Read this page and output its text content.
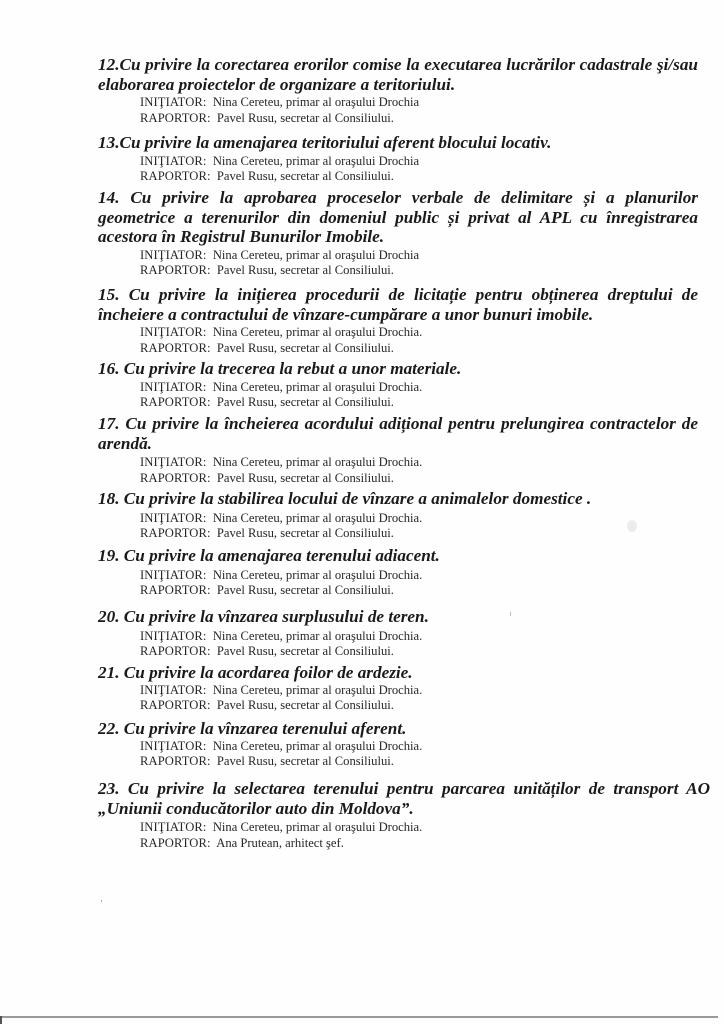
12.Cu privire la corectarea erorilor comise la executarea lucrărilor cadastrale şi/sau elaborarea proiectelor de organizare a teritoriului.

INIŢIATOR: Nina Cereteu, primar al oraşului Drochia
RAPORTOR: Pavel Rusu, secretar al Consiliului.

13.Cu privire la amenajarea teritoriului aferent blocului locativ.

INIŢIATOR: Nina Cereteu, primar al oraşului Drochia
RAPORTOR: Pavel Rusu, secretar al Consiliului.

14. Cu privire la aprobarea proceselor verbale de delimitare și a planurilor geometrice a terenurilor din domeniul public și privat al APL cu înregistrarea acestora în Registrul Bunurilor Imobile.

INIŢIATOR: Nina Cereteu, primar al oraşului Drochia
RAPORTOR: Pavel Rusu, secretar al Consiliului.

15. Cu privire la inițierea procedurii de licitație pentru obținerea dreptului de încheiere a contractului de vînzare-cumpărare a unor bunuri imobile.

INIŢIATOR: Nina Cereteu, primar al oraşului Drochia.
RAPORTOR: Pavel Rusu, secretar al Consiliului.

16. Cu privire la trecerea la rebut a unor materiale.

INIŢIATOR: Nina Cereteu, primar al oraşului Drochia.
RAPORTOR: Pavel Rusu, secretar al Consiliului.

17. Cu privire la încheierea acordului adițional pentru prelungirea contractelor de arendă.

INIŢIATOR: Nina Cereteu, primar al oraşului Drochia.
RAPORTOR: Pavel Rusu, secretar al Consiliului.

18. Cu privire la stabilirea locului de vînzare a animalelor domestice .

INIŢIATOR: Nina Cereteu, primar al oraşului Drochia.
RAPORTOR: Pavel Rusu, secretar al Consiliului.

19. Cu privire la amenajarea terenului adiacent.

INIŢIATOR: Nina Cereteu, primar al oraşului Drochia.
RAPORTOR: Pavel Rusu, secretar al Consiliului.

20. Cu privire la vînzarea surplusului de teren.

INIŢIATOR: Nina Cereteu, primar al oraşului Drochia.
RAPORTOR: Pavel Rusu, secretar al Consiliului.

21. Cu privire la acordarea foilor de ardezie.

INIŢIATOR: Nina Cereteu, primar al oraşului Drochia.
RAPORTOR: Pavel Rusu, secretar al Consiliului.

22. Cu privire la vînzarea terenului aferent.

INIŢIATOR: Nina Cereteu, primar al oraşului Drochia.
RAPORTOR: Pavel Rusu, secretar al Consiliului.

23. Cu privire la selectarea terenului pentru parcarea unităților de transport AO „Uniunii conducătorilor auto din Moldova”.

INIŢIATOR: Nina Cereteu, primar al oraşului Drochia.
RAPORTOR: Ana Prutean, arhitect şef.
